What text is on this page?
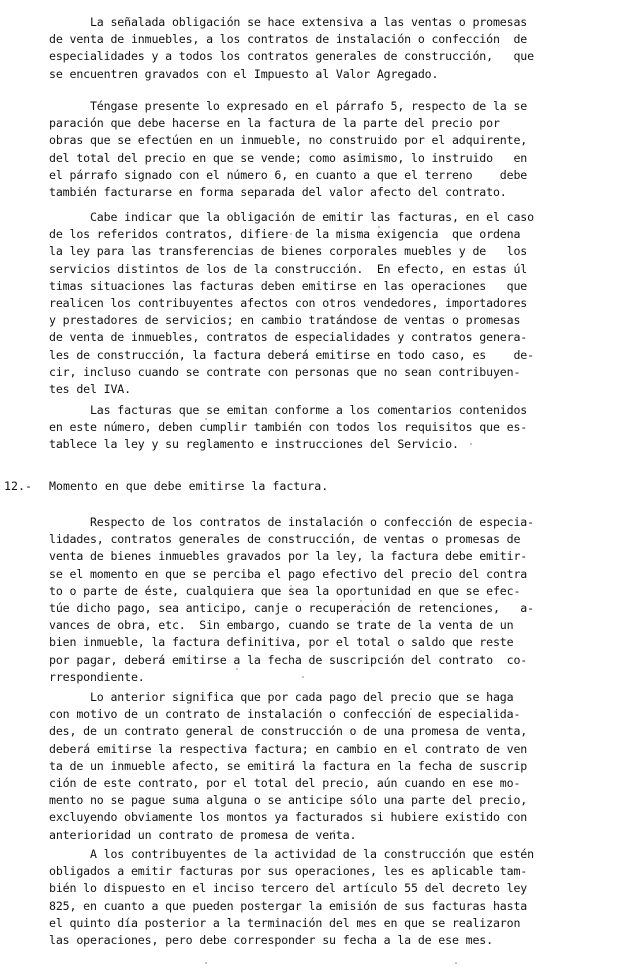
La señalada obligación se hace extensiva a las ventas o promesas
de venta de inmuebles, a los contratos de instalación o confección  de
especialidades y a todos los contratos generales de construcción,   que
se encuentren gravados con el Impuesto al Valor Agregado.
Téngase presente lo expresado en el párrafo 5, respecto de la se
paración que debe hacerse en la factura de la parte del precio por
obras que se efectúen en un inmueble, no construido por el adquirente,
del total del precio en que se vende; como asimismo, lo instruido   en
el párrafo signado con el número 6, en cuanto a que el terreno    debe
también facturarse en forma separada del valor afecto del contrato.
Cabe indicar que la obligación de emitir las facturas, en el caso
de los referidos contratos, difiere de la misma exigencia  que ordena
la ley para las transferencias de bienes corporales muebles y de   los
servicios distintos de los de la construcción.  En efecto, en estas úl
timas situaciones las facturas deben emitirse en las operaciones   que
realicen los contribuyentes afectos con otros vendedores, importadores
y prestadores de servicios; en cambio tratándose de ventas o promesas
de venta de inmuebles, contratos de especialidades y contratos genera-
les de construcción, la factura deberá emitirse en todo caso, es    de-
cir, incluso cuando se contrate con personas que no sean contribuyen-
tes del IVA.
Las facturas que se emitan conforme a los comentarios contenidos
en este número, deben cumplir también con todos los requisitos que es-
tablece la ley y su reglamento e instrucciones del Servicio.
12.- Momento en que debe emitirse la factura.
Respecto de los contratos de instalación o confección de especia-
lidades, contratos generales de construcción, de ventas o promesas de
venta de bienes inmuebles gravados por la ley, la factura debe emitir-
se el momento en que se perciba el pago efectivo del precio del contra
to o parte de éste, cualquiera que sea la oportunidad en que se efec-
túe dicho pago, sea anticipo, canje o recuperación de retenciones,   a-
vances de obra, etc.  Sin embargo, cuando se trate de la venta de un
bien inmueble, la factura definitiva, por el total o saldo que reste
por pagar, deberá emitirse a la fecha de suscripción del contrato  co-
rrespondiente.
Lo anterior significa que por cada pago del precio que se haga
con motivo de un contrato de instalación o confección de especialida-
des, de un contrato general de construcción o de una promesa de venta,
deberá emitirse la respectiva factura; en cambio en el contrato de ven
ta de un inmueble afecto, se emitirá la factura en la fecha de suscrip
ción de este contrato, por el total del precio, aún cuando en ese mo-
mento no se pague suma alguna o se anticipe sólo una parte del precio,
excluyendo obviamente los montos ya facturados si hubiere existido con
anterioridad un contrato de promesa de venta.
A los contribuyentes de la actividad de la construcción que estén
obligados a emitir facturas por sus operaciones, les es aplicable tam-
bién lo dispuesto en el inciso tercero del artículo 55 del decreto ley
825, en cuanto a que pueden postergar la emisión de sus facturas hasta
el quinto día posterior a la terminación del mes en que se realizaron
las operaciones, pero debe corresponder su fecha a la de ese mes.
